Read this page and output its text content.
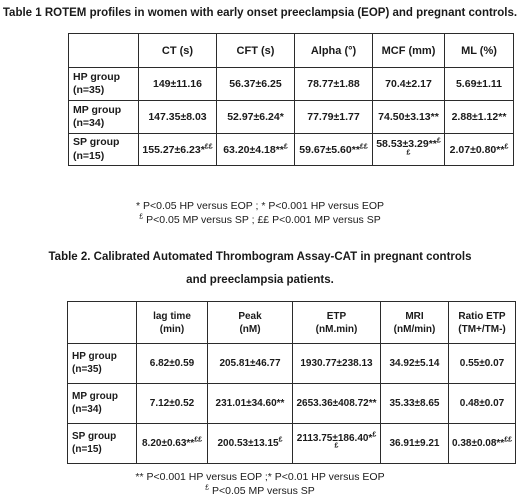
Table 1 ROTEM profiles in women with early onset preeclampsia (EOP) and pregnant controls.
	CT (s)	CFT (s)	Alpha (°)	MCF (mm)	ML (%)

HP group
(n=35)	149±11.16	56.37±6.25	78.77±1.88	70.4±2.17	5.69±1.11

MP group
(n=34)	147.35±8.03	52.97±6.24*	77.79±1.77	74.50±3.13**	2.88±1.12**

SP group
(n=15)	155.27±6.23*££	63.20±4.18**£	59.67±5.60**££	58.53±3.29**££	2.07±0.80**£
* P<0.05 HP versus EOP ; * P<0.001 HP versus EOP
£ P<0.05 MP versus SP ; ££ P<0.001 MP versus SP
Table 2. Calibrated Automated Thrombogram Assay-CAT in pregnant controls
and preeclampsia patients.

	lag time
(min)	Peak
(nM)	ETP
(nM.min)	MRI
(nM/min)	Ratio ETP
(TM+/TM-)

HP group
(n=35)	6.82±0.59	205.81±46.77	1930.77±238.13	34.92±5.14	0.55±0.07

MP group
(n=34)	7.12±0.52	231.01±34.60**	2653.36±408.72**	35.33±8.65	0.48±0.07

SP group
(n=15)	8.20±0.63**££	200.53±13.15£	2113.75±186.40*££	36.91±9.21	0.38±0.08**££
** P<0.001 HP versus EOP ;* P<0.01 HP versus EOP
£ P<0.05 MP versus SP
